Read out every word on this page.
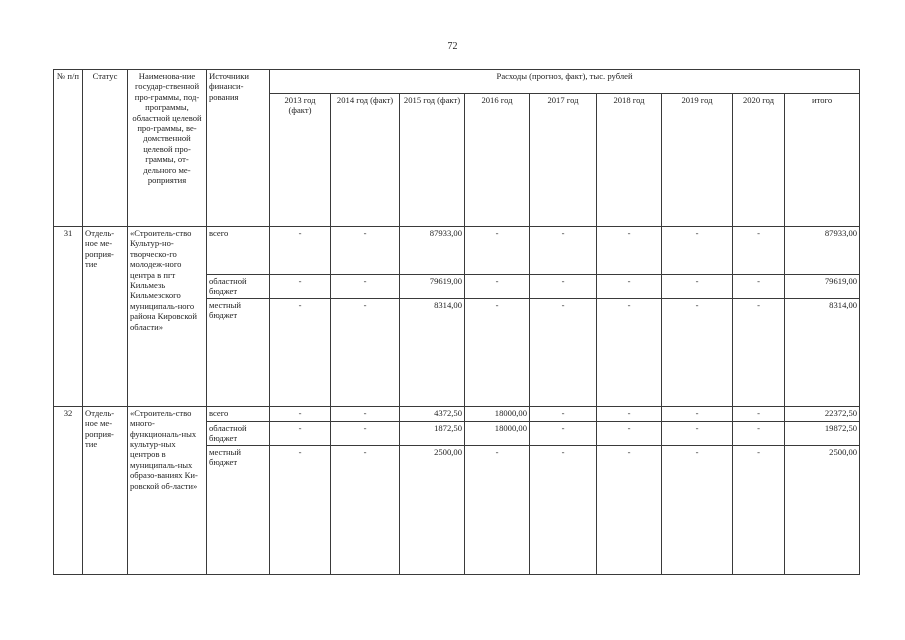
72
№ п/п	Статус	Наименова-ние государ-ственной про-граммы, под-программы, областной целевой про-граммы, ве-домственной целевой про-граммы, от-дельного ме-роприятия	Источники финанси-рования	Расходы (прогноз, факт), тыс. рублей								
				2013 год (факт)	2014 год (факт)	2015 год (факт)	2016 год	2017 год	2018 год	2019 год	2020 год	итого
31	Отдель-ное ме-роприя-тие	«Строитель-ство Культур-но-творческо-го молодеж-ного центра в пгт Кильмезь Кильмезского муниципаль-ного района Кировской области»	всего	-	-	87933,00	-	-	-	-	-	87933,00
			областной бюджет	-	-	79619,00	-	-	-	-	-	79619,00
			местный бюджет	-	-	8314,00	-	-	-	-	-	8314,00
32	Отдель-ное ме-роприя-тие	«Строитель-ство много-функциональ-ных культур-ных центров в муниципаль-ных образо-ваниях Ки-ровской об-ласти»	всего	-	-	4372,50	18000,00	-	-	-	-	22372,50
			областной бюджет	-	-	1872,50	18000,00	-	-	-	-	19872,50
			местный бюджет	-	-	2500,00	-	-	-	-	-	2500,00
